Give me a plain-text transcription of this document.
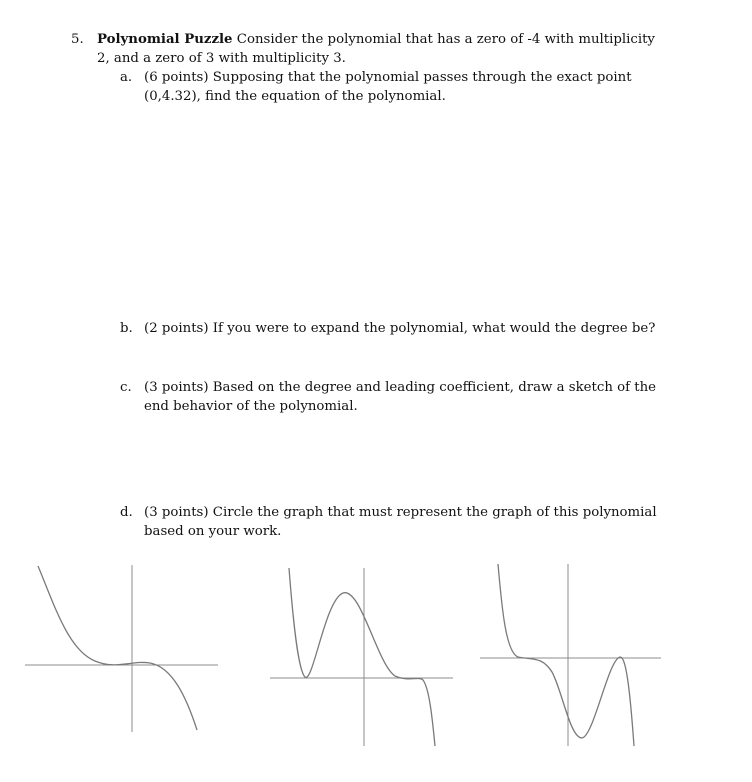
5. Polynomial Puzzle Consider the polynomial that has a zero of -4 with multiplicity 2, and a zero of 3 with multiplicity 3.
a. (6 points) Supposing that the polynomial passes through the exact point (0,4.32), find the equation of the polynomial.
b. (2 points) If you were to expand the polynomial, what would the degree be?
c. (3 points) Based on the degree and leading coefficient, draw a sketch of the end behavior of the polynomial.
d. (3 points) Circle the graph that must represent the graph of this polynomial based on your work.
